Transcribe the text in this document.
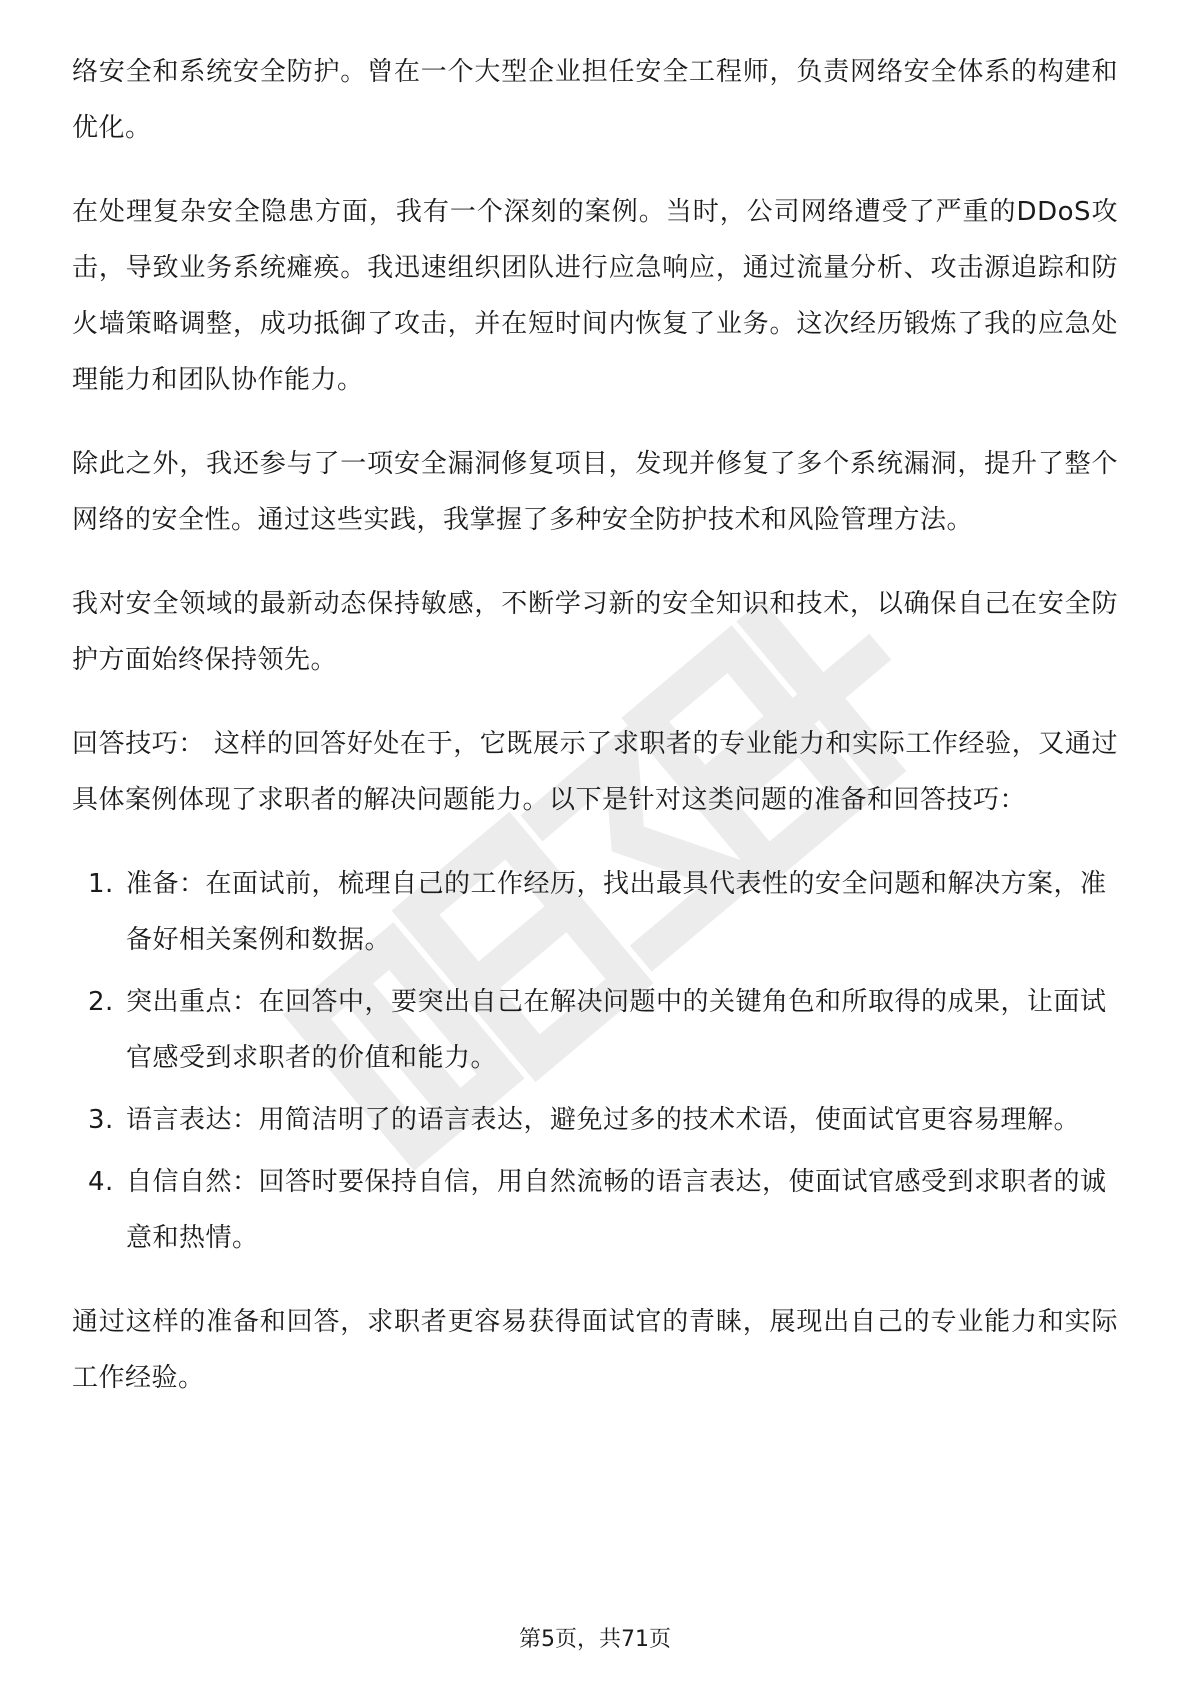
络安全和系统安全防护。曾在一个大型企业担任安全工程师，负责网络安全体系的构建和优化。

在处理复杂安全隐患方面，我有一个深刻的案例。当时，公司网络遭受了严重的DDoS攻击，导致业务系统瘫痪。我迅速组织团队进行应急响应，通过流量分析、攻击源追踪和防火墙策略调整，成功抵御了攻击，并在短时间内恢复了业务。这次经历锻炼了我的应急处理能力和团队协作能力。

除此之外，我还参与了一项安全漏洞修复项目，发现并修复了多个系统漏洞，提升了整个网络的安全性。通过这些实践，我掌握了多种安全防护技术和风险管理方法。

我对安全领域的最新动态保持敏感，不断学习新的安全知识和技术，以确保自己在安全防护方面始终保持领先。

回答技巧： 这样的回答好处在于，它既展示了求职者的专业能力和实际工作经验，又通过具体案例体现了求职者的解决问题能力。以下是针对这类问题的准备和回答技巧：

1. 准备：在面试前，梳理自己的工作经历，找出最具代表性的安全问题和解决方案，准备好相关案例和数据。
2. 突出重点：在回答中，要突出自己在解决问题中的关键角色和所取得的成果，让面试官感受到求职者的价值和能力。
3. 语言表达：用简洁明了的语言表达，避免过多的技术术语，使面试官更容易理解。
4. 自信自然：回答时要保持自信，用自然流畅的语言表达，使面试官感受到求职者的诚意和热情。

通过这样的准备和回答，求职者更容易获得面试官的青睐，展现出自己的专业能力和实际工作经验。

第5页，共71页
